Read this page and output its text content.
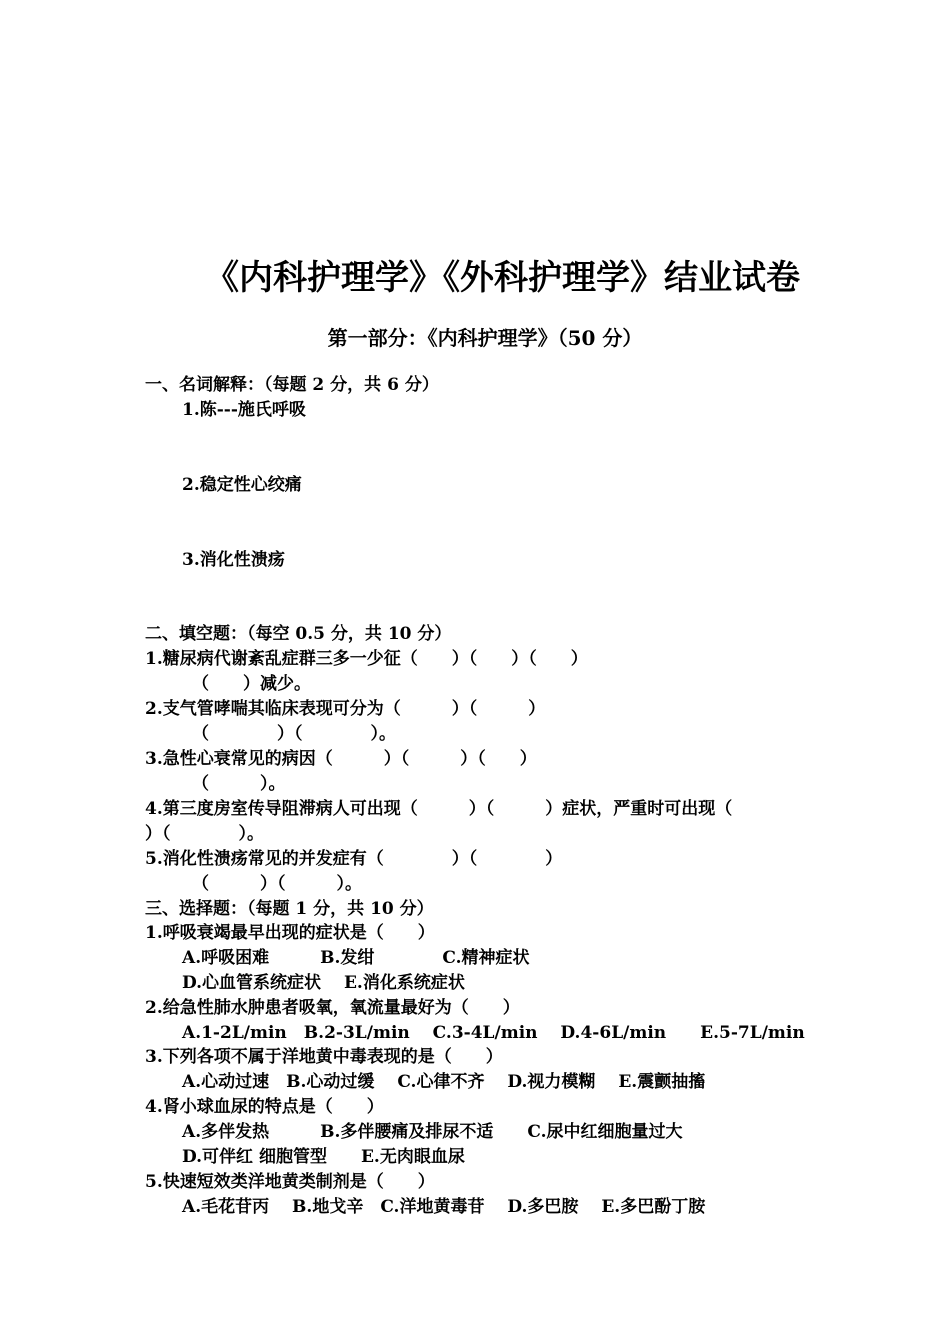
《内科护理学》《外科护理学》结业试卷
第一部分：《内科护理学》（50 分）
一、名词解释：（每题 2 分，共 6 分）
1.陈---施氏呼吸
2.稳定性心绞痛
3.消化性溃疡
二、填空题：（每空 0.5 分，共 10 分）
1.糖尿病代谢紊乱症群三多一少征（　　）（　　）（　　）
（　　）减少。
2.支气管哮喘其临床表现可分为（　　　）（　　　）
（　　　　）（　　　　）。
3.急性心衰常见的病因（　　　）（　　　）（　　）
（　　　）。
4.第三度房室传导阻滞病人可出现（　　　）（　　　）症状，严重时可出现（
）（　　　　）。
5.消化性溃疡常见的并发症有（　　　　）（　　　　）
（　　　）（　　　）。
三、选择题：（每题 1 分，共 10 分）
1.呼吸衰竭最早出现的症状是（　　）
A.呼吸困难　　　B.发绀　　　　C.精神症状
D.心血管系统症状　 E.消化系统症状
2.给急性肺水肿患者吸氧，氧流量最好为（　　）
A.1-2L/min　B.2-3L/min　 C.3-4L/min　 D.4-6L/min　　E.5-7L/min
3.下列各项不属于洋地黄中毒表现的是（　　）
A.心动过速　B.心动过缓　 C.心律不齐　 D.视力模糊　 E.震颤抽搐
4.肾小球血尿的特点是（　　）
A.多伴发热　　　B.多伴腰痛及排尿不适　　C.尿中红细胞量过大
D.可伴红 细胞管型　　E.无肉眼血尿
5.快速短效类洋地黄类制剂是（　　）
A.毛花苷丙　 B.地戈辛　C.洋地黄毒苷　 D.多巴胺　 E.多巴酚丁胺
